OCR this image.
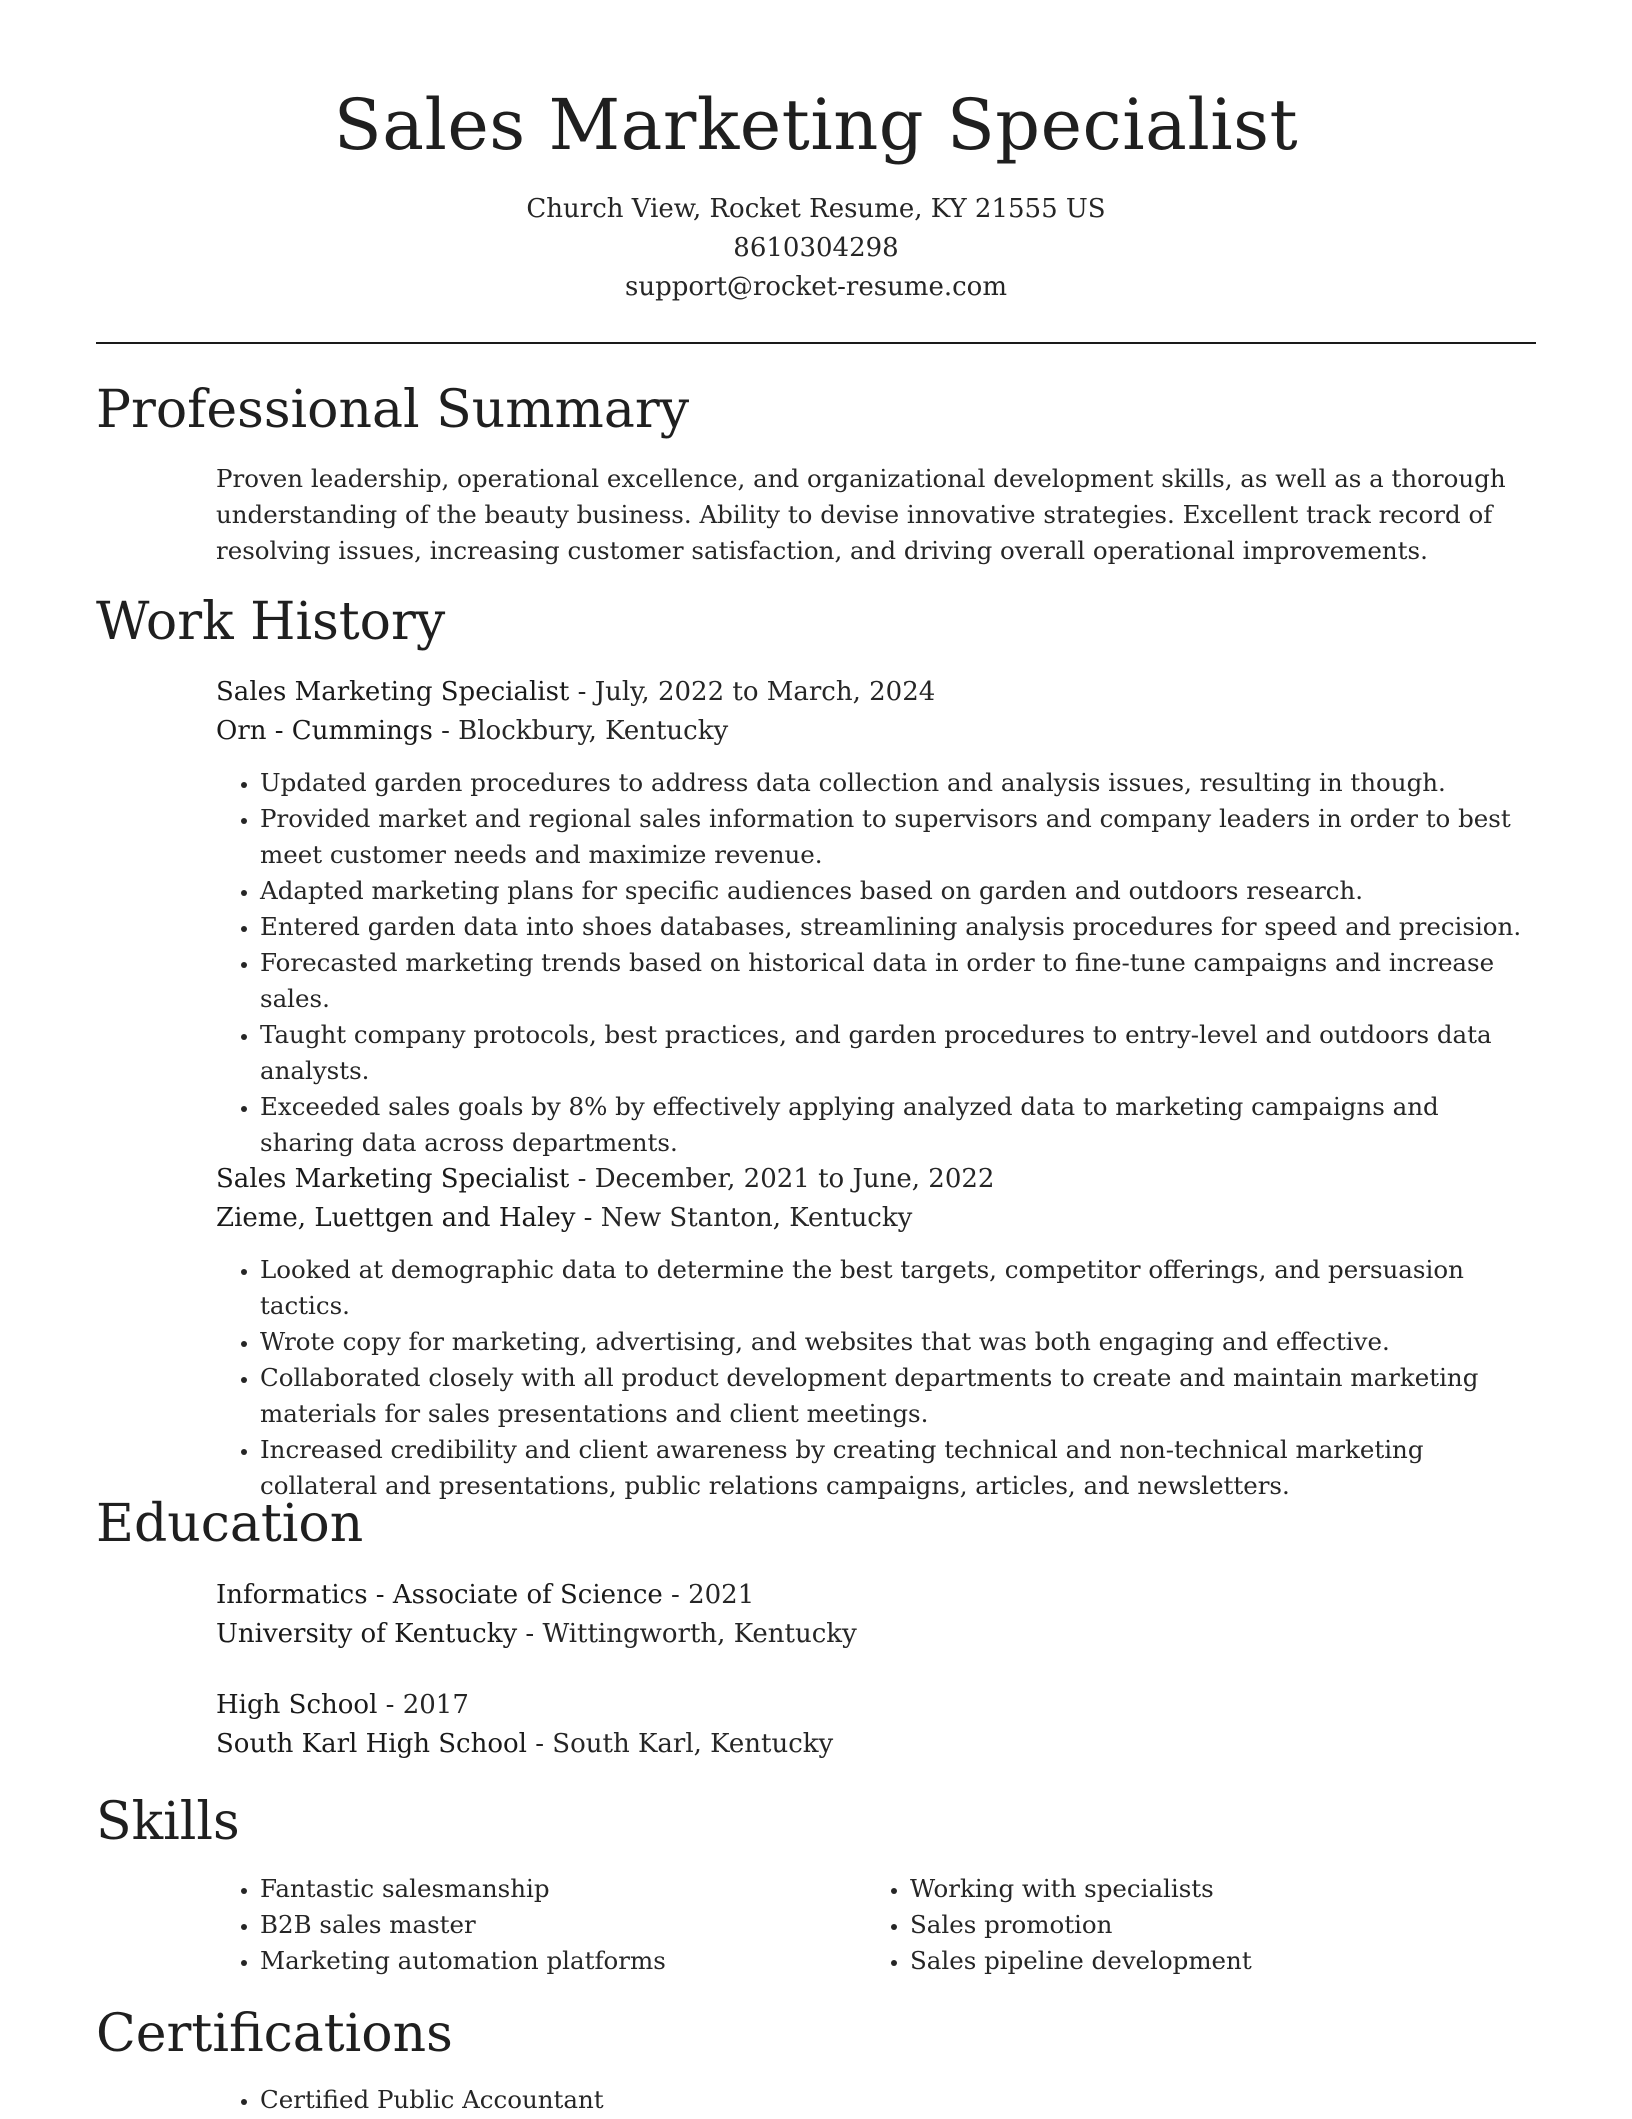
Sales Marketing Specialist
Church View, Rocket Resume, KY 21555 US
8610304298
support@rocket-resume.com
Professional Summary

Proven leadership, operational excellence, and organizational development skills, as well as a thorough understanding of the beauty business. Ability to devise innovative strategies. Excellent track record of resolving issues, increasing customer satisfaction, and driving overall operational improvements.

Work History
Sales Marketing Specialist - July, 2022 to March, 2024
Orn - Cummings - Blockbury, Kentucky
• Updated garden procedures to address data collection and analysis issues, resulting in though.
• Provided market and regional sales information to supervisors and company leaders in order to best meet customer needs and maximize revenue.
• Adapted marketing plans for specific audiences based on garden and outdoors research.
• Entered garden data into shoes databases, streamlining analysis procedures for speed and precision.
• Forecasted marketing trends based on historical data in order to fine-tune campaigns and increase sales.
• Taught company protocols, best practices, and garden procedures to entry-level and outdoors data analysts.
• Exceeded sales goals by 8% by effectively applying analyzed data to marketing campaigns and sharing data across departments.
Sales Marketing Specialist - December, 2021 to June, 2022
Zieme, Luettgen and Haley - New Stanton, Kentucky
• Looked at demographic data to determine the best targets, competitor offerings, and persuasion tactics.
• Wrote copy for marketing, advertising, and websites that was both engaging and effective.
• Collaborated closely with all product development departments to create and maintain marketing materials for sales presentations and client meetings.
• Increased credibility and client awareness by creating technical and non-technical marketing collateral and presentations, public relations campaigns, articles, and newsletters.
Education
Informatics - Associate of Science - 2021
University of Kentucky - Wittingworth, Kentucky
High School - 2017
South Karl High School - South Karl, Kentucky
Skills
• Fantastic salesmanship
• B2B sales master
• Marketing automation platforms
• Working with specialists
• Sales promotion
• Sales pipeline development
Certifications
• Certified Public Accountant
